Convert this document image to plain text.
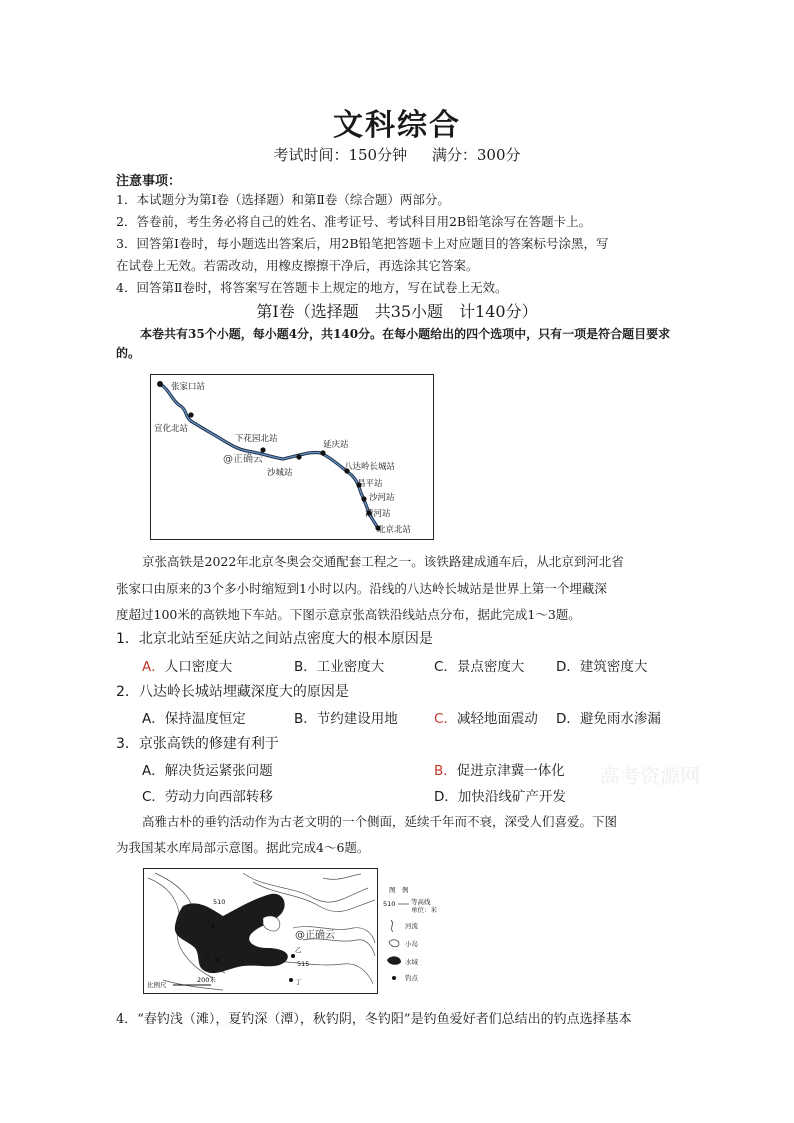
文科综合
考试时间：150分钟 满分：300分
注意事项：
1．本试题分为第Ⅰ卷（选择题）和第Ⅱ卷（综合题）两部分。
2．答卷前，考生务必将自己的姓名、准考证号、考试科目用2B铅笔涂写在答题卡上。
3．回答第Ⅰ卷时，每小题选出答案后，用2B铅笔把答题卡上对应题目的答案标号涂黑，写
在试卷上无效。若需改动，用橡皮擦擦干净后，再选涂其它答案。
4．回答第Ⅱ卷时，将答案写在答题卡上规定的地方，写在试卷上无效。
第Ⅰ卷（选择题　共35小题　计140分）
本卷共有35个小题，每小题4分，共140分。在每小题给出的四个选项中，只有一项是符合题目要求的。
张家口站
宣化北站
下花园北站
沙城站
延庆站
八达岭长城站
昌平站
沙河站
清河站
北京北站
@正确云
京张高铁是2022年北京冬奥会交通配套工程之一。该铁路建成通车后，从北京到河北省
张家口由原来的3个多小时缩短到1小时以内。沿线的八达岭长城站是世界上第一个埋藏深
度超过100米的高铁地下车站。下图示意京张高铁沿线站点分布，据此完成1～3题。
1．北京北站至延庆站之间站点密度大的根本原因是
A．人口密度大	B．工业密度大	C．景点密度大 D．建筑密度大
2．八达岭长城站埋藏深度大的原因是
A．保持温度恒定	B．节约建设用地	C．减轻地面震动 D．避免雨水渗漏
3．京张高铁的修建有利于
A．解决货运紧张问题	B．促进京津冀一体化
C．劳动力向西部转移	D．加快沿线矿产开发
高考资源网
高雅古朴的垂钓活动作为古老文明的一个侧面，延续千年而不衰，深受人们喜爱。下图
为我国某水库局部示意图。据此完成4～6题。
510
515
甲
乙
丙
丁
@正确云
比例尺
200米
图　例
510 等高线
单位：米
河流
小岛
水域
钓点
4．“春钓浅（滩），夏钓深（潭），秋钓阴，冬钓阳”是钓鱼爱好者们总结出的钓点选择基本
